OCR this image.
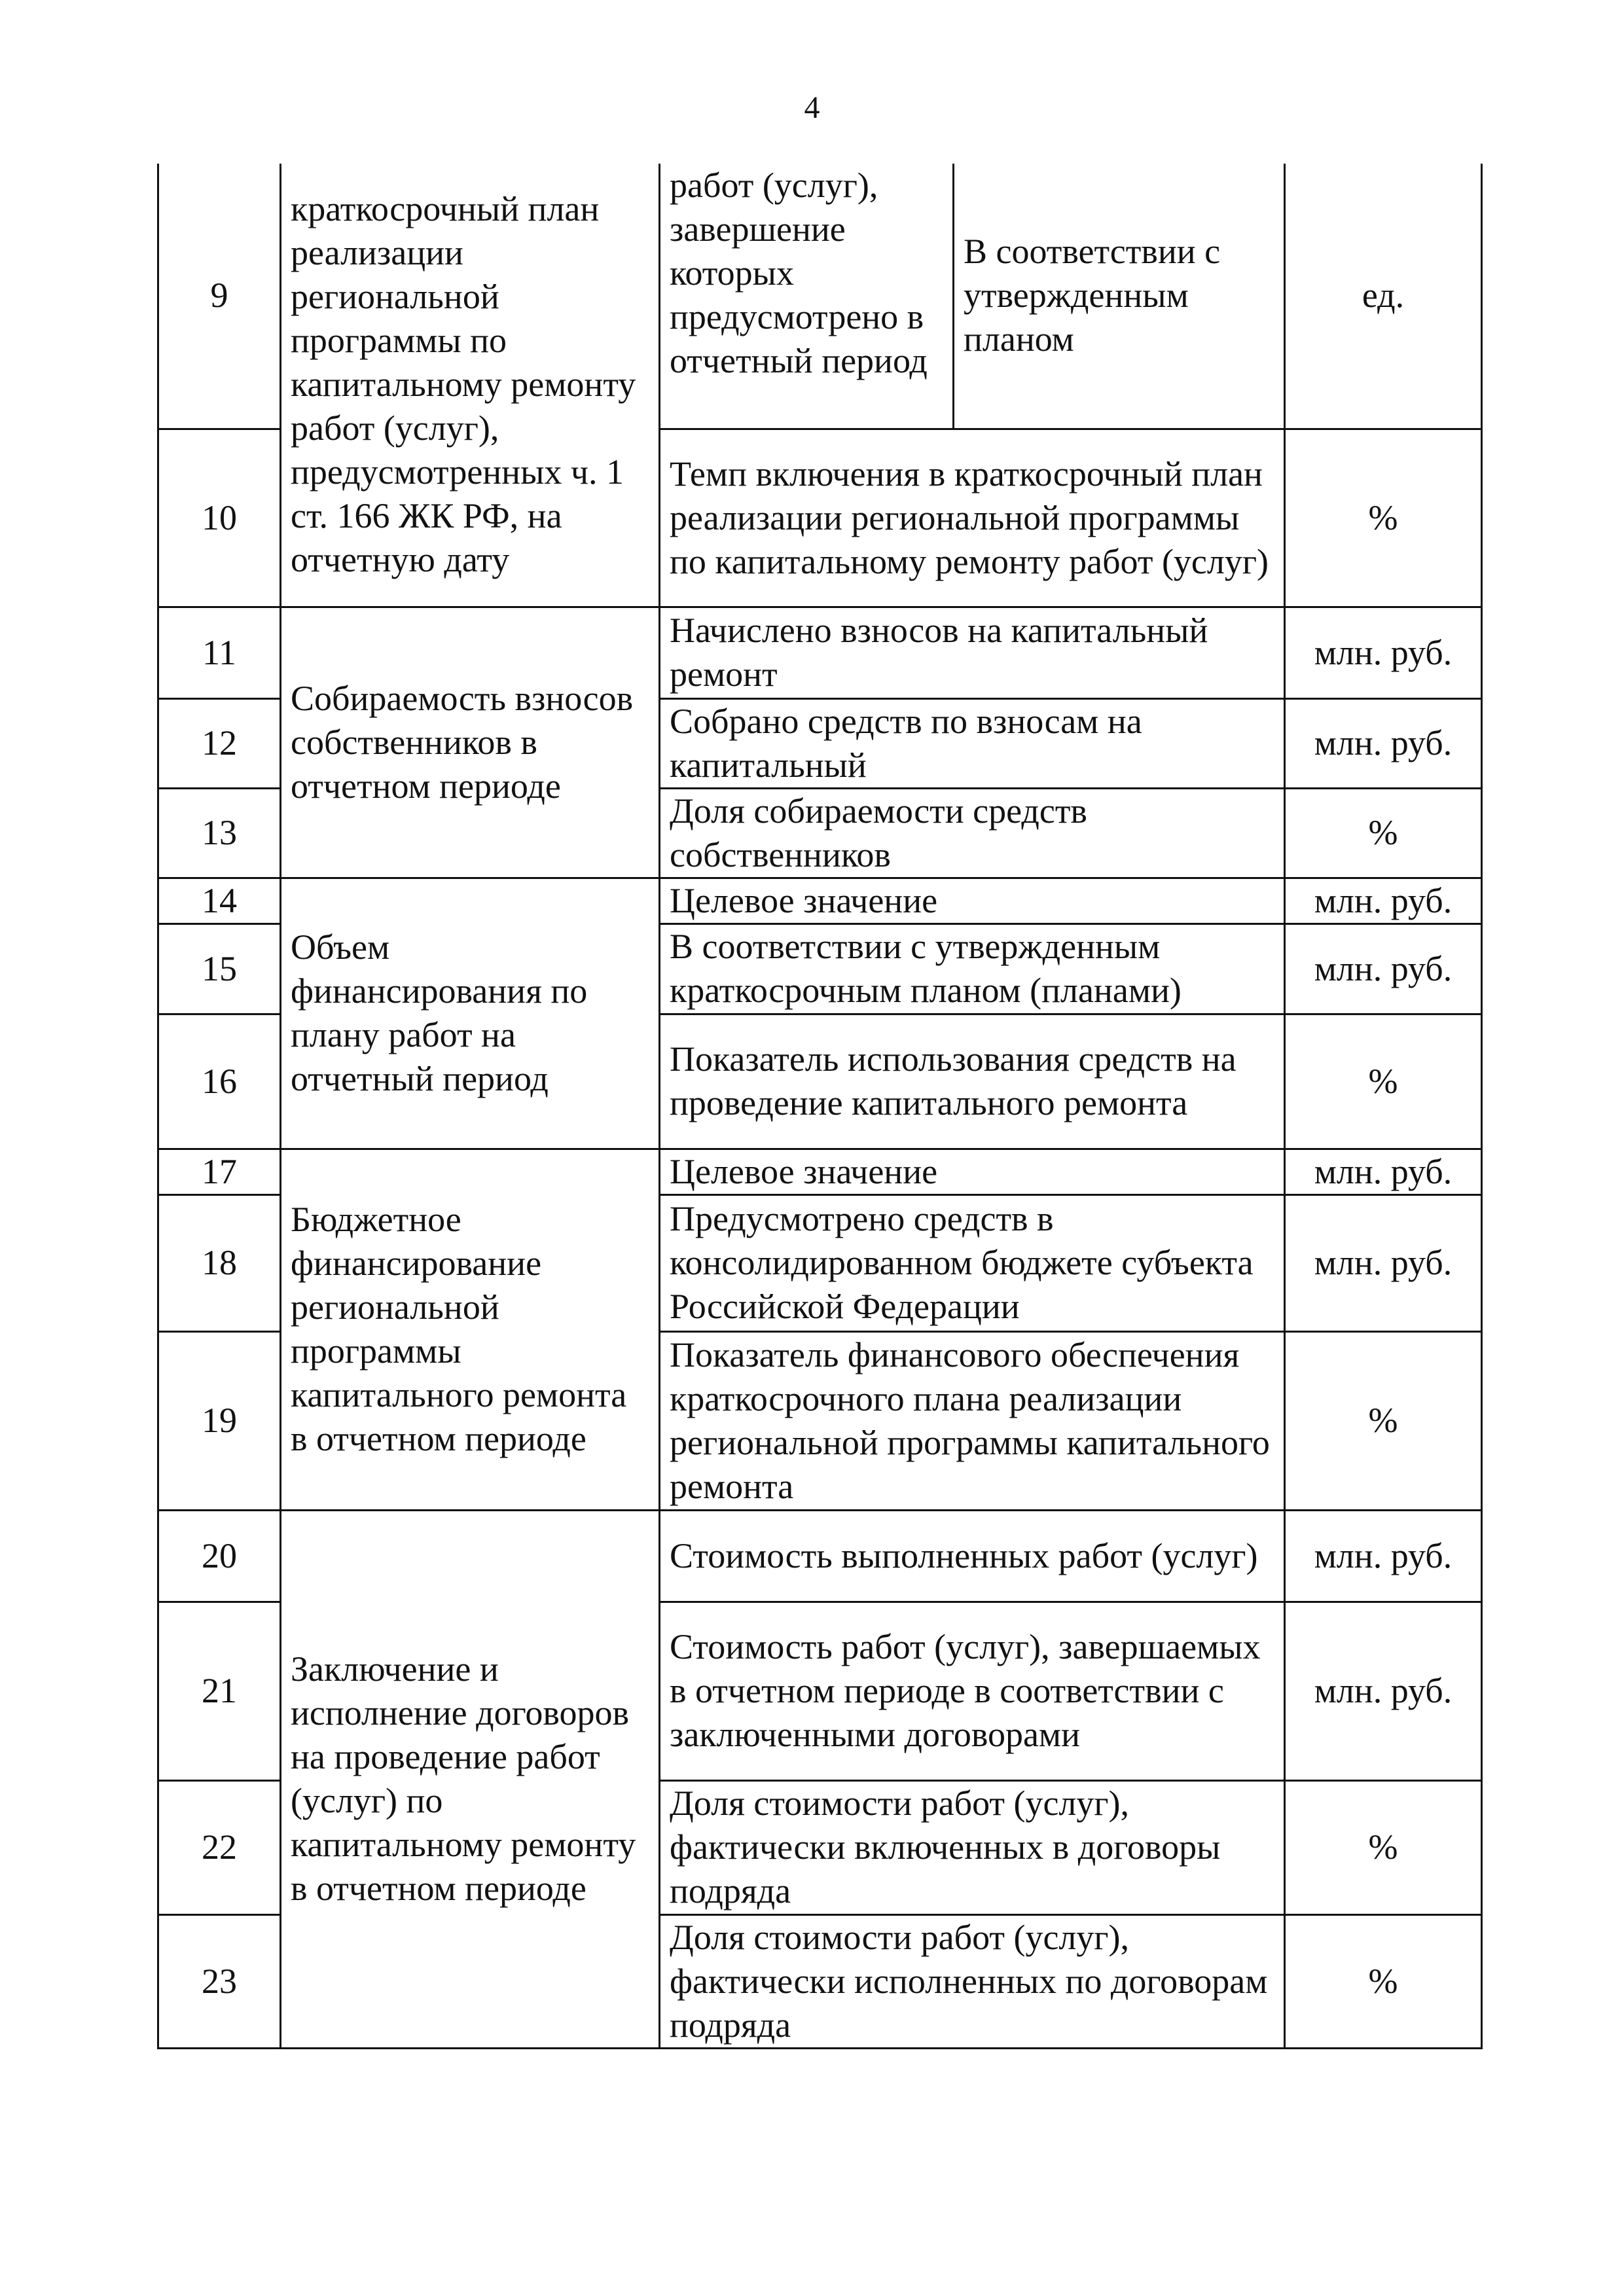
4
9	краткосрочный план реализации региональной программы по капитальному ремонту работ (услуг), предусмотренных ч. 1 ст. 166 ЖК РФ, на отчетную дату	работ (услуг), завершение которых предусмотрено в отчетный период	В соответствии с утвержденным планом	ед.
10		Темп включения в краткосрочный план реализации региональной программы по капитальному ремонту работ (услуг)		%
11	Собираемость взносов собственников в отчетном периоде	Начислено взносов на капитальный ремонт		млн. руб.
12		Собрано средств по взносам на капитальный		млн. руб.
13		Доля собираемости средств собственников		%
14	Объем финансирования по плану работ на отчетный период	Целевое значение		млн. руб.
15		В соответствии с утвержденным краткосрочным планом (планами)		млн. руб.
16		Показатель использования средств на проведение капитального ремонта		%
17	Бюджетное финансирование региональной программы капитального ремонта в отчетном периоде	Целевое значение		млн. руб.
18		Предусмотрено средств в консолидированном бюджете субъекта Российской Федерации		млн. руб.
19		Показатель финансового обеспечения краткосрочного плана реализации региональной программы капитального ремонта		%
20	Заключение и исполнение договоров на проведение работ (услуг) по капитальному ремонту в отчетном периоде	Стоимость выполненных работ (услуг)		млн. руб.
21		Стоимость работ (услуг), завершаемых в отчетном периоде в соответствии с заключенными договорами		млн. руб.
22		Доля стоимости работ (услуг), фактически включенных в договоры подряда		%
23		Доля стоимости работ (услуг), фактически исполненных по договорам подряда		%
